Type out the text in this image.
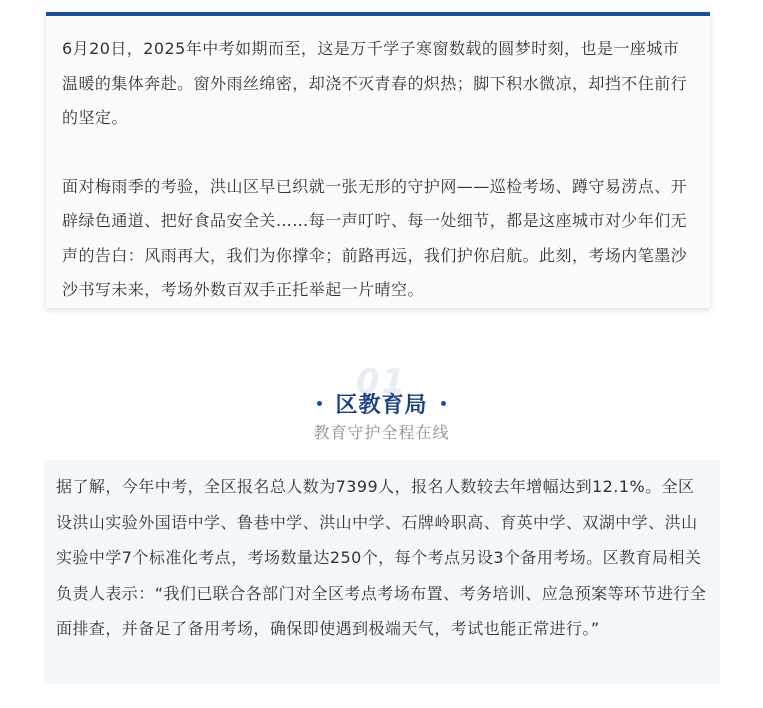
6月20日，2025年中考如期而至，这是万千学子寒窗数载的圆梦时刻，也是一座城市温暖的集体奔赴。窗外雨丝绵密，却浇不灭青春的炽热；脚下积水微凉，却挡不住前行的坚定。

面对梅雨季的考验，洪山区早已织就一张无形的守护网——巡检考场、蹲守易涝点、开辟绿色通道、把好食品安全关……每一声叮咛、每一处细节，都是这座城市对少年们无声的告白：风雨再大，我们为你撑伞；前路再远，我们护你启航。此刻，考场内笔墨沙沙书写未来，考场外数百双手正托举起一片晴空。

01
区教育局
教育守护全程在线

据了解，今年中考，全区报名总人数为7399人，报名人数较去年增幅达到12.1%。全区设洪山实验外国语中学、鲁巷中学、洪山中学、石牌岭职高、育英中学、双湖中学、洪山实验中学7个标准化考点，考场数量达250个，每个考点另设3个备用考场。区教育局相关负责人表示：“我们已联合各部门对全区考点考场布置、考务培训、应急预案等环节进行全面排查，并备足了备用考场，确保即使遇到极端天气，考试也能正常进行。”
